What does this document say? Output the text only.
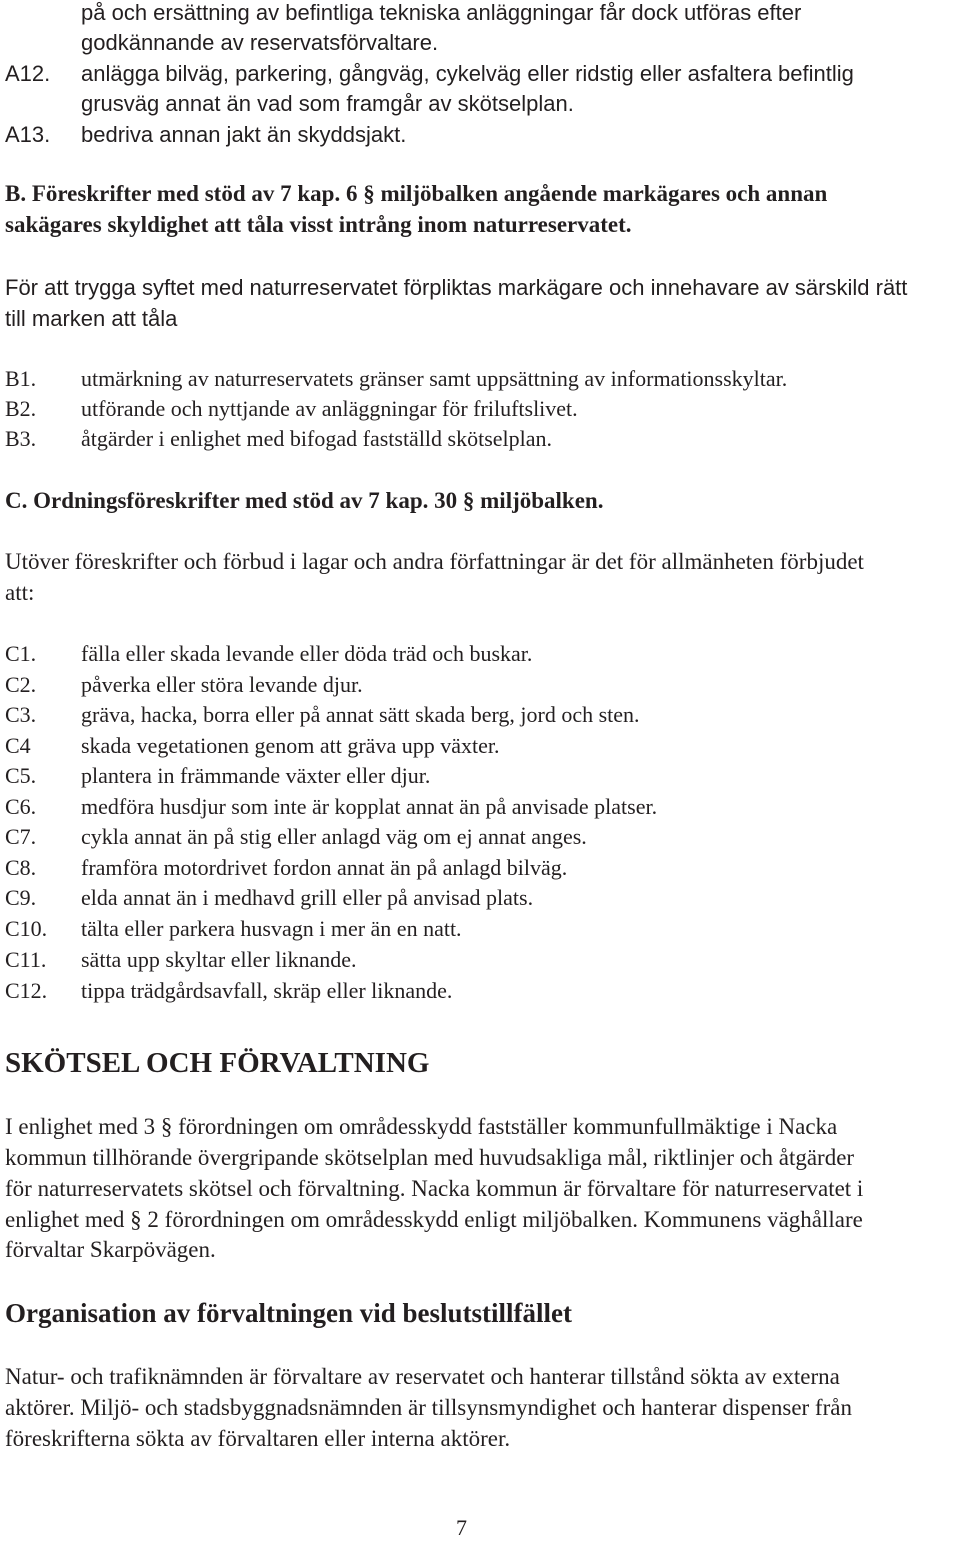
på och ersättning av befintliga tekniska anläggningar får dock utföras efter
godkännande av reservatsförvaltare.
A12. anlägga bilväg, parkering, gångväg, cykelväg eller ridstig eller asfaltera befintlig
grusväg annat än vad som framgår av skötselplan.
A13. bedriva annan jakt än skyddsjakt.
B. Föreskrifter med stöd av 7 kap. 6 § miljöbalken angående markägares och annan
sakägares skyldighet att tåla visst intrång inom naturreservatet.
För att trygga syftet med naturreservatet förpliktas markägare och innehavare av särskild rätt
till marken att tåla
B1. utmärkning av naturreservatets gränser samt uppsättning av informationsskyltar.
B2. utförande och nyttjande av anläggningar för friluftslivet.
B3. åtgärder i enlighet med bifogad fastställd skötselplan.
C. Ordningsföreskrifter med stöd av 7 kap. 30 § miljöbalken.
Utöver föreskrifter och förbud i lagar och andra författningar är det för allmänheten förbjudet
att:
C1. fälla eller skada levande eller döda träd och buskar.
C2. påverka eller störa levande djur.
C3. gräva, hacka, borra eller på annat sätt skada berg, jord och sten.
C4 skada vegetationen genom att gräva upp växter.
C5. plantera in främmande växter eller djur.
C6. medföra husdjur som inte är kopplat annat än på anvisade platser.
C7. cykla annat än på stig eller anlagd väg om ej annat anges.
C8. framföra motordrivet fordon annat än på anlagd bilväg.
C9. elda annat än i medhavd grill eller på anvisad plats.
C10. tälta eller parkera husvagn i mer än en natt.
C11. sätta upp skyltar eller liknande.
C12. tippa trädgårdsavfall, skräp eller liknande.
SKÖTSEL OCH FÖRVALTNING
I enlighet med 3 § förordningen om områdesskydd fastställer kommunfullmäktige i Nacka
kommun tillhörande övergripande skötselplan med huvudsakliga mål, riktlinjer och åtgärder
för naturreservatets skötsel och förvaltning. Nacka kommun är förvaltare för naturreservatet i
enlighet med § 2 förordningen om områdesskydd enligt miljöbalken. Kommunens väghållare
förvaltar Skarpövägen.
Organisation av förvaltningen vid beslutstillfället
Natur- och trafiknämnden är förvaltare av reservatet och hanterar tillstånd sökta av externa
aktörer. Miljö- och stadsbyggnadsnämnden är tillsynsmyndighet och hanterar dispenser från
föreskrifterna sökta av förvaltaren eller interna aktörer.
7
